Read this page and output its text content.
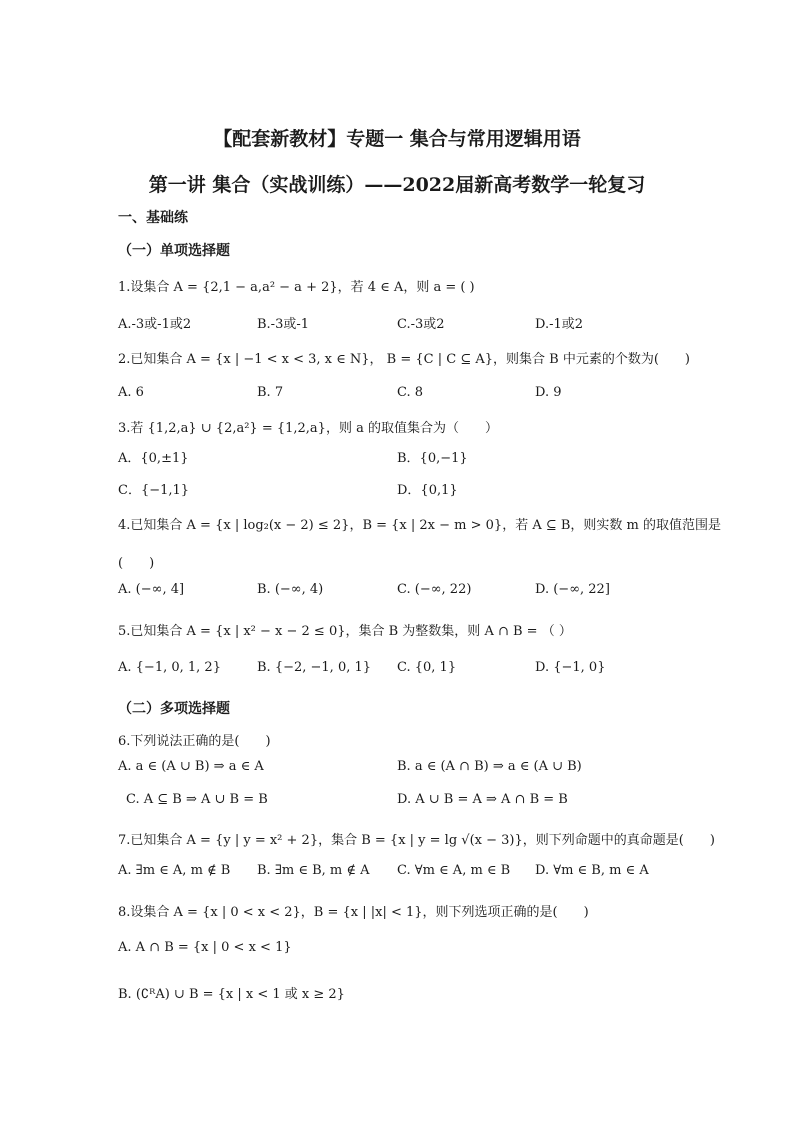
【配套新教材】专题一 集合与常用逻辑用语
第一讲 集合（实战训练）——2022届新高考数学一轮复习
一、基础练
（一）单项选择题
1.设集合 A = {2,1 − a,a² − a + 2}，若 4 ∈ A，则 a = ( )
A.-3或-1或2	B.-3或-1	C.-3或2	D.-1或2
2.已知集合 A = {x | −1 < x < 3, x ∈ N}， B = {C | C ⊆ A}，则集合 B 中元素的个数为(　　)
A. 6	B. 7	C. 8	D. 9
3.若 {1,2,a} ∪ {2,a²} = {1,2,a}，则 a 的取值集合为（　　）
A．{0,±1}	B．{0,−1}
C．{−1,1}	D．{0,1}
4.已知集合 A = {x | log₂(x − 2) ≤ 2}，B = {x | 2x − m > 0}，若 A ⊆ B，则实数 m 的取值范围是
(　　)
A. (−∞, 4]	B. (−∞, 4)	C. (−∞, 22)	D. (−∞, 22]
5.已知集合 A = {x | x² − x − 2 ≤ 0}，集合 B 为整数集，则 A ∩ B = （ ）
A. {−1, 0, 1, 2}	B. {−2, −1, 0, 1} C. {0, 1}	D. {−1, 0}
（二）多项选择题
6.下列说法正确的是(　　)
A. a ∈ (A ∪ B) ⇒ a ∈ A	B. a ∈ (A ∩ B) ⇒ a ∈ (A ∪ B)
C. A ⊆ B ⇒ A ∪ B = B	D. A ∪ B = A ⇒ A ∩ B = B
7.已知集合 A = {y | y = x² + 2}，集合 B = {x | y = lg √(x − 3)}，则下列命题中的真命题是(　　)
A. ∃m ∈ A, m ∉ B B. ∃m ∈ B, m ∉ A C. ∀m ∈ A, m ∈ B D. ∀m ∈ B, m ∈ A
8.设集合 A = {x | 0 < x < 2}，B = {x | |x| < 1}，则下列选项正确的是(　　)
A. A ∩ B = {x | 0 < x < 1}
B. (∁ᴿA) ∪ B = {x | x < 1 或 x ≥ 2}
